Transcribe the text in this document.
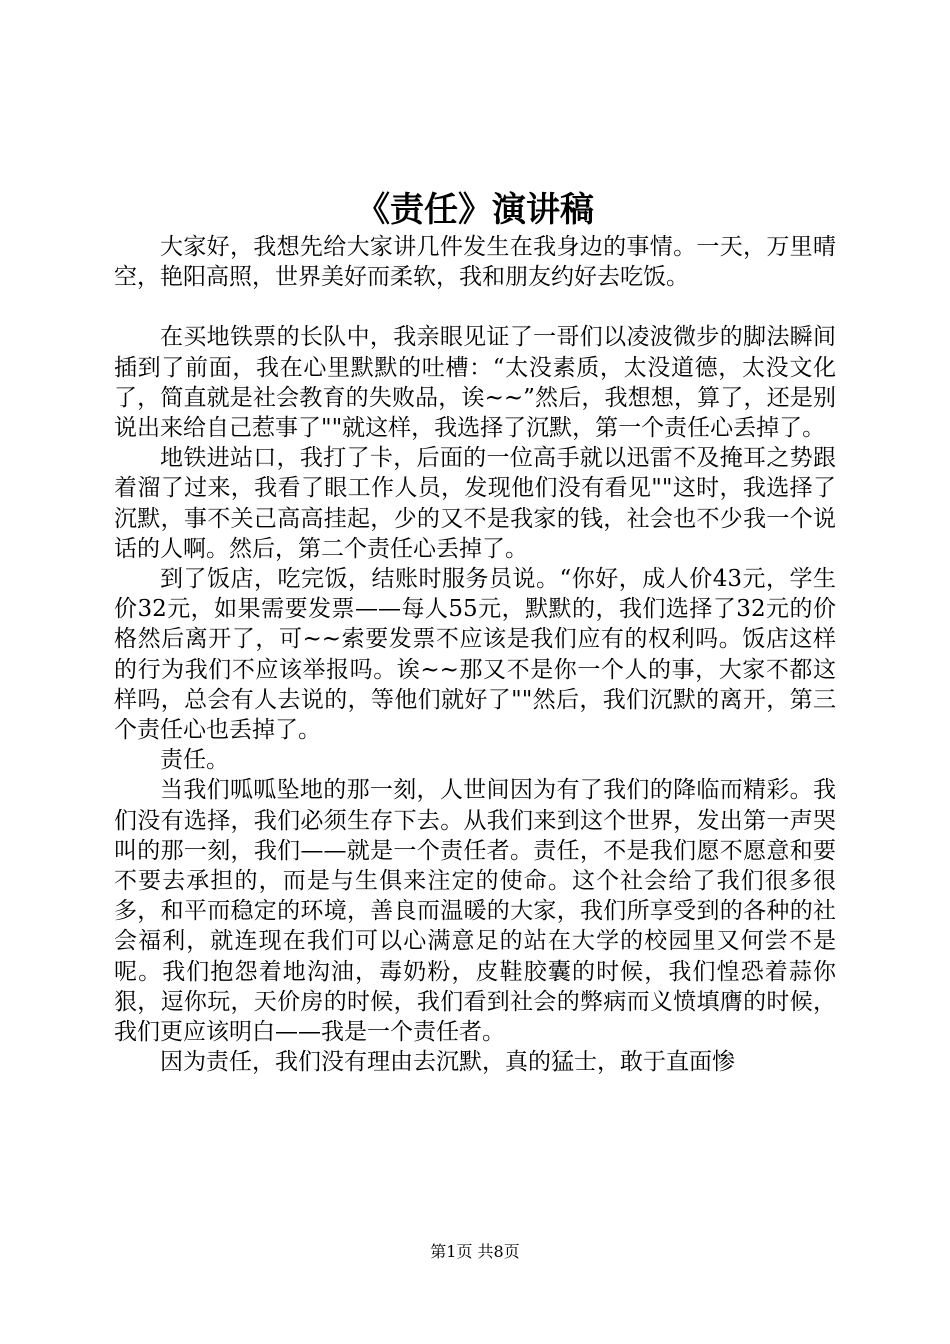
《责任》演讲稿

大家好，我想先给大家讲几件发生在我身边的事情。一天，万里晴空，艳阳高照，世界美好而柔软，我和朋友约好去吃饭。

在买地铁票的长队中，我亲眼见证了一哥们以凌波微步的脚法瞬间插到了前面，我在心里默默的吐槽：“太没素质，太没道德，太没文化了，简直就是社会教育的失败品，诶~~”然后，我想想，算了，还是别说出来给自己惹事了""就这样，我选择了沉默，第一个责任心丢掉了。

地铁进站口，我打了卡，后面的一位高手就以迅雷不及掩耳之势跟着溜了过来，我看了眼工作人员，发现他们没有看见""这时，我选择了沉默，事不关己高高挂起，少的又不是我家的钱，社会也不少我一个说话的人啊。然后，第二个责任心丢掉了。

到了饭店，吃完饭，结账时服务员说。“你好，成人价43元，学生价32元，如果需要发票——每人55元，默默的，我们选择了32元的价格然后离开了，可~~索要发票不应该是我们应有的权利吗。饭店这样的行为我们不应该举报吗。诶~~那又不是你一个人的事，大家不都这样吗，总会有人去说的，等他们就好了""然后，我们沉默的离开，第三个责任心也丢掉了。

责任。

当我们呱呱坠地的那一刻，人世间因为有了我们的降临而精彩。我们没有选择，我们必须生存下去。从我们来到这个世界，发出第一声哭叫的那一刻，我们——就是一个责任者。责任，不是我们愿不愿意和要不要去承担的，而是与生俱来注定的使命。这个社会给了我们很多很多，和平而稳定的环境，善良而温暖的大家，我们所享受到的各种的社会福利，就连现在我们可以心满意足的站在大学的校园里又何尝不是呢。我们抱怨着地沟油，毒奶粉，皮鞋胶囊的时候，我们惶恐着蒜你狠，逗你玩，天价房的时候，我们看到社会的弊病而义愤填膺的时候，我们更应该明白——我是一个责任者。

因为责任，我们没有理由去沉默，真的猛士，敢于直面惨

第1页 共8页
